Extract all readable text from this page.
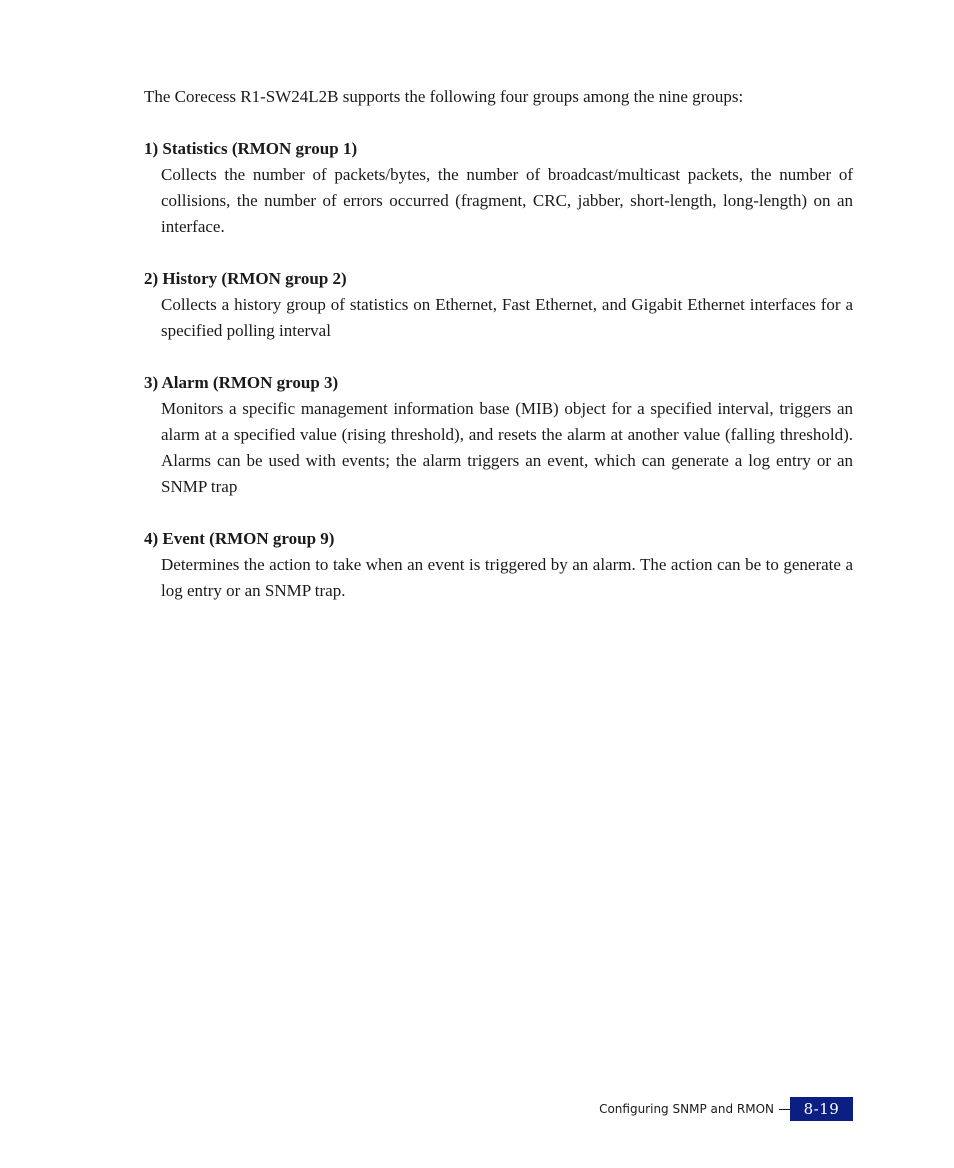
The Corecess R1-SW24L2B supports the following four groups among the nine groups:

1) Statistics (RMON group 1)

Collects the number of packets/bytes, the number of broadcast/multicast packets, the number of collisions, the number of errors occurred (fragment, CRC, jabber, short-length, long-length) on an interface.

2) History (RMON group 2)

Collects a history group of statistics on Ethernet, Fast Ethernet, and Gigabit Ethernet interfaces for a specified polling interval

3) Alarm (RMON group 3)

Monitors a specific management information base (MIB) object for a specified interval, triggers an alarm at a specified value (rising threshold), and resets the alarm at another value (falling threshold). Alarms can be used with events; the alarm triggers an event, which can generate a log entry or an SNMP trap

4) Event (RMON group 9)

Determines the action to take when an event is triggered by an alarm. The action can be to generate a log entry or an SNMP trap.

Configuring SNMP and RMON	8-19
